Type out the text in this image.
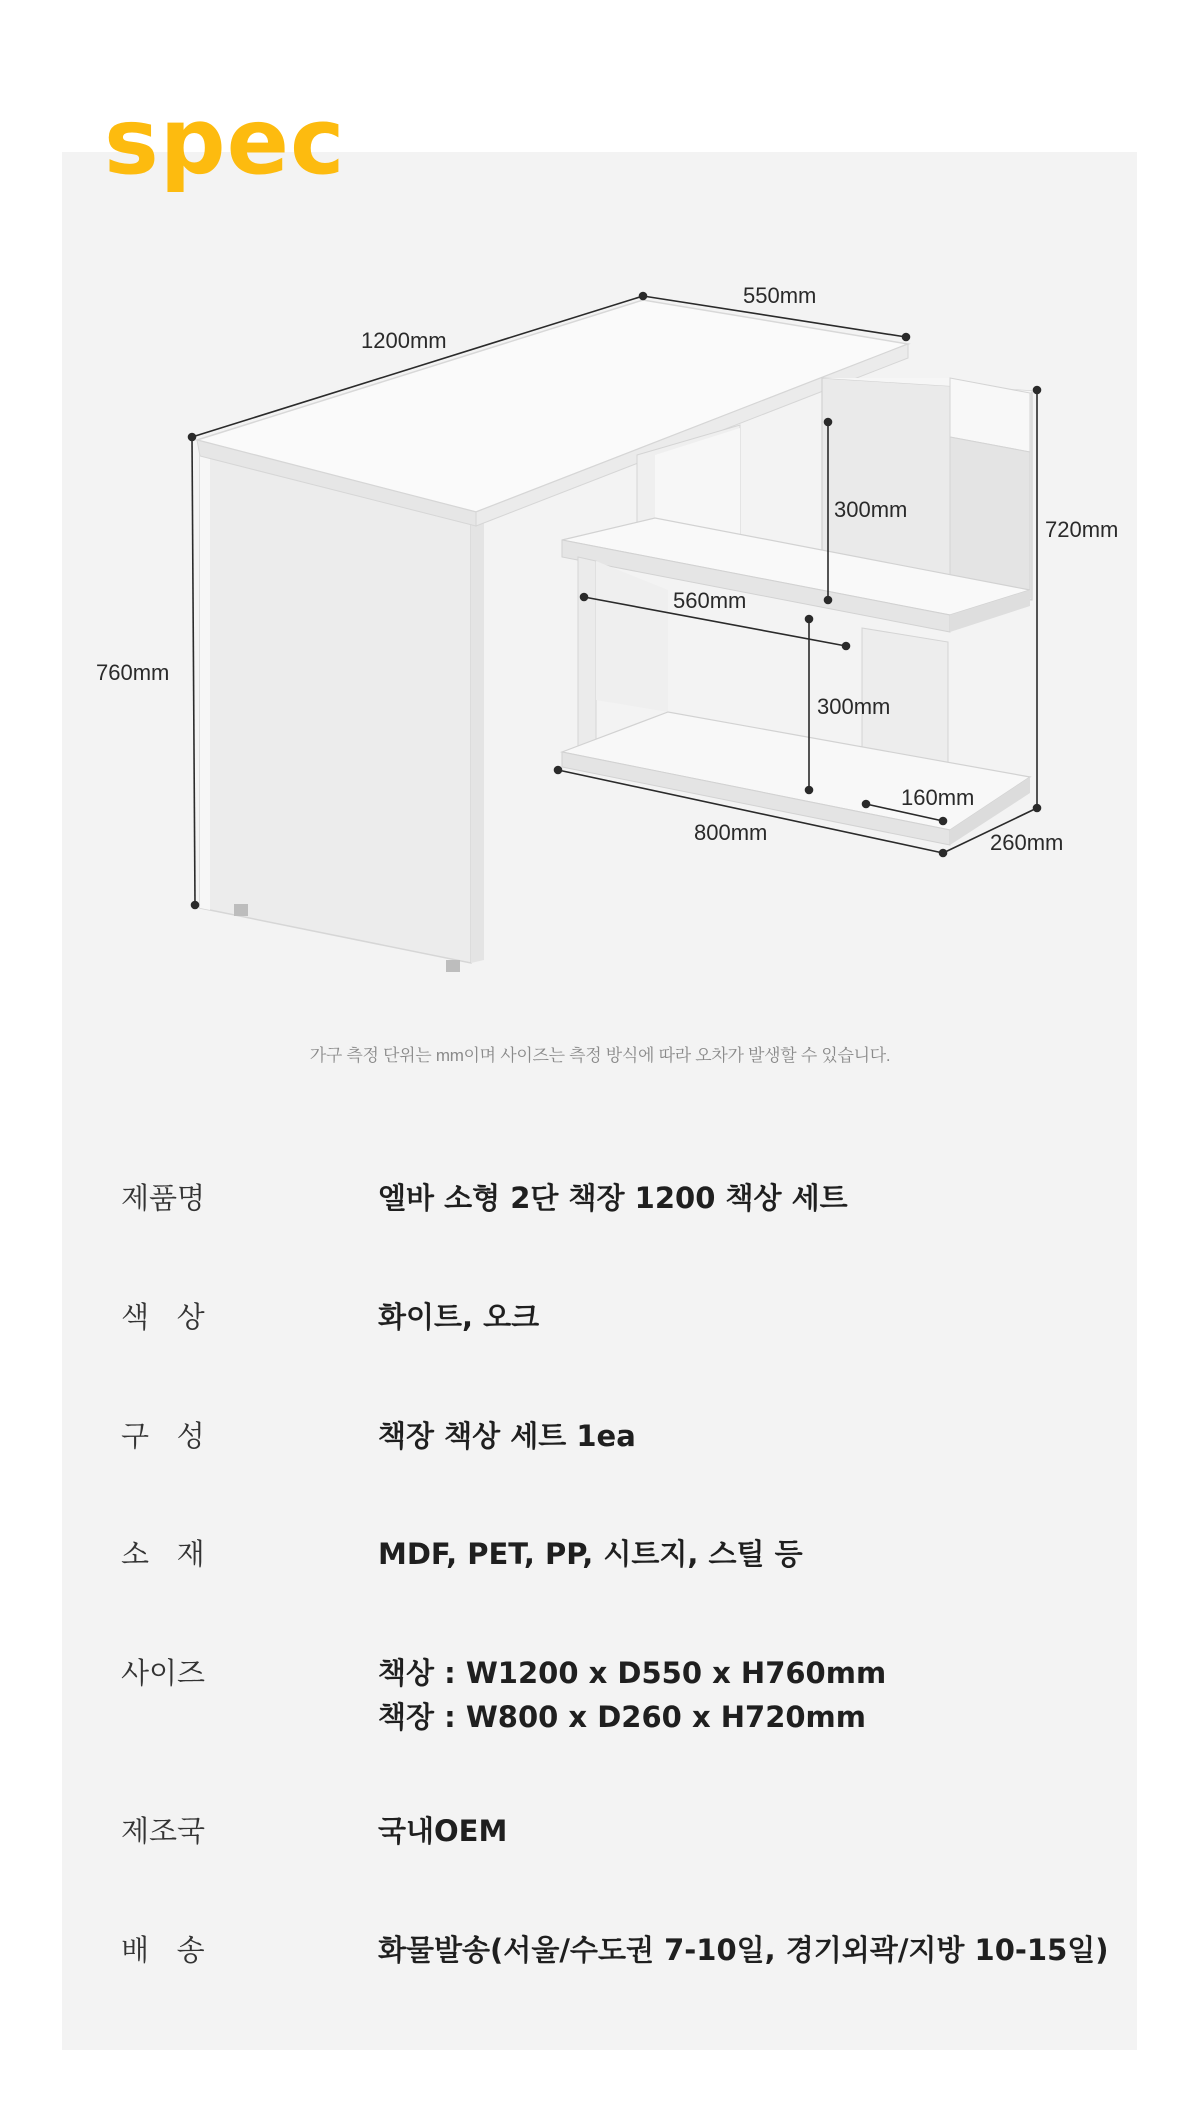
spec
1200mm
550mm
760mm
300mm
720mm
560mm
300mm
160mm
800mm	260mm
가구 측정 단위는 mm이며 사이즈는 측정 방식에 따라 오차가 발생할 수 있습니다.
제품명	엘바 소형 2단 책장 1200 책상 세트
색   상	화이트, 오크
구   성	책장 책상 세트 1ea
소   재	MDF, PET, PP, 시트지, 스틸 등
사이즈	책상 : W1200 x D550 x H760mm
책장 : W800 x D260 x H720mm
제조국	국내OEM
배   송	화물발송(서울/수도권 7-10일, 경기외곽/지방 10-15일)
